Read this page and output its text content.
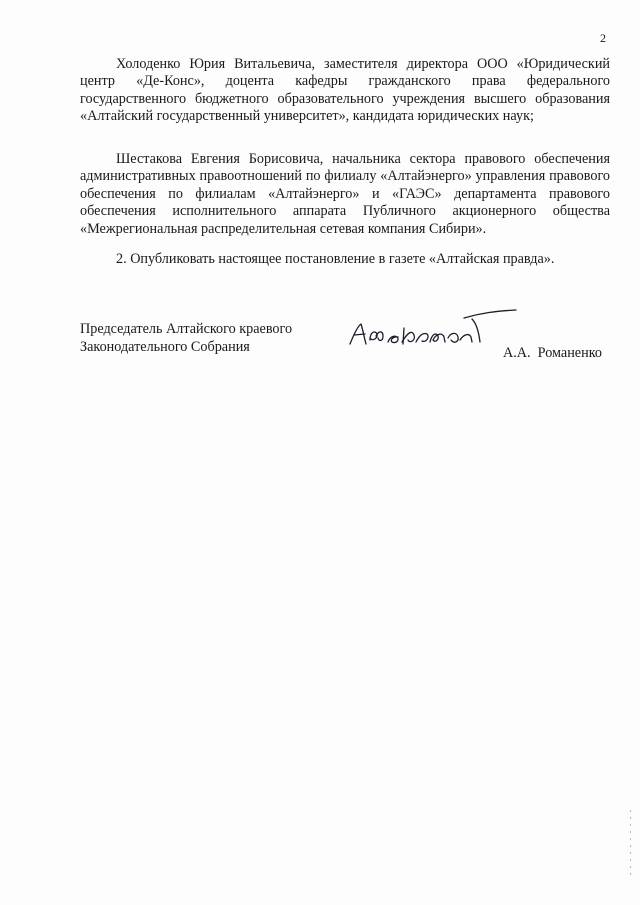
2

Холоденко Юрия Витальевича, заместителя директора ООО «Юридический центр «Де-Конс», доцента кафедры гражданского права федерального государственного бюджетного образовательного учреждения высшего образования «Алтайский государственный университет», кандидата юридических наук;

Шестакова Евгения Борисовича, начальника сектора правового обеспечения административных правоотношений по филиалу «Алтайэнерго» управления правового обеспечения по филиалам «Алтайэнерго» и «ГАЭС» департамента правового обеспечения исполнительного аппарата Публичного акционерного общества «Межрегиональная распределительная сетевая компания Сибири».

2. Опубликовать настоящее постановление в газете «Алтайская правда».

Председатель Алтайского краевого
Законодательного Собрания	А.А.  Романенко
